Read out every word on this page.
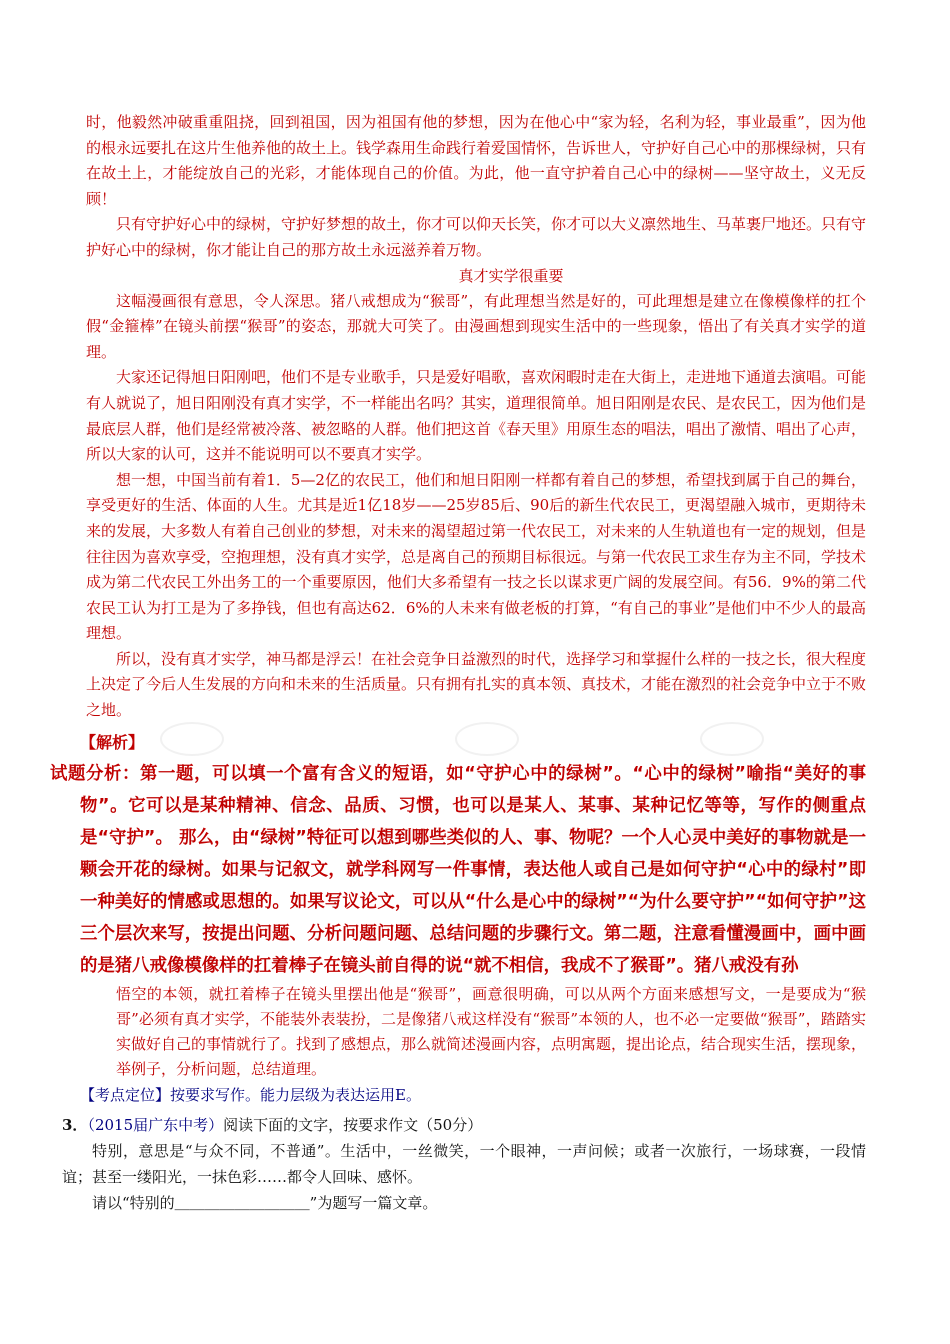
时，他毅然冲破重重阻挠，回到祖国，因为祖国有他的梦想，因为在他心中“家为轻，名利为轻，事业最重”，因为他的根永远要扎在这片生他养他的故土上。钱学森用生命践行着爱国情怀，告诉世人，守护好自己心中的那棵绿树，只有在故土上，才能绽放自己的光彩，才能体现自己的价值。为此，他一直守护着自己心中的绿树——坚守故土，义无反顾！

只有守护好心中的绿树，守护好梦想的故土，你才可以仰天长笑，你才可以大义凛然地生、马革裹尸地还。只有守护好心中的绿树，你才能让自己的那方故土永远滋养着万物。

真才实学很重要

这幅漫画很有意思，令人深思。猪八戒想成为“猴哥”，有此理想当然是好的，可此理想是建立在像模像样的扛个假“金箍棒”在镜头前摆“猴哥”的姿态，那就大可笑了。由漫画想到现实生活中的一些现象，悟出了有关真才实学的道理。

大家还记得旭日阳刚吧，他们不是专业歌手，只是爱好唱歌，喜欢闲暇时走在大街上，走进地下通道去演唱。可能有人就说了，旭日阳刚没有真才实学，不一样能出名吗？其实，道理很简单。旭日阳刚是农民、是农民工，因为他们是最底层人群，他们是经常被冷落、被忽略的人群。他们把这首《春天里》用原生态的唱法，唱出了激情、唱出了心声，所以大家的认可，这并不能说明可以不要真才实学。

想一想，中国当前有着1．5—2亿的农民工，他们和旭日阳刚一样都有着自己的梦想，希望找到属于自己的舞台，享受更好的生活、体面的人生。尤其是近1亿18岁——25岁85后、90后的新生代农民工，更渴望融入城市，更期待未来的发展，大多数人有着自己创业的梦想，对未来的渴望超过第一代农民工，对未来的人生轨道也有一定的规划，但是往往因为喜欢享受，空抱理想，没有真才实学，总是离自己的预期目标很远。与第一代农民工求生存为主不同，学技术成为第二代农民工外出务工的一个重要原因，他们大多希望有一技之长以谋求更广阔的发展空间。有56．9%的第二代农民工认为打工是为了多挣钱，但也有高达62．6%的人未来有做老板的打算，“有自己的事业”是他们中不少人的最高理想。

所以，没有真才实学，神马都是浮云！在社会竞争日益激烈的时代，选择学习和掌握什么样的一技之长，很大程度上决定了今后人生发展的方向和未来的生活质量。只有拥有扎实的真本领、真技术，才能在激烈的社会竞争中立于不败之地。

【解析】

试题分析：第一题，可以填一个富有含义的短语，如“守护心中的绿树”。“心中的绿树”喻指“美好的事物”。它可以是某种精神、信念、品质、习惯，也可以是某人、某事、某种记忆等等，写作的侧重点是“守护”。 那么，由“绿树”特征可以想到哪些类似的人、事、物呢？一个人心灵中美好的事物就是一颗会开花的绿树。如果与记叙文，就学科网写一件事情，表达他人或自己是如何守护“心中的绿村”即一种美好的情感或思想的。如果写议论文，可以从“什么是心中的绿树”“为什么要守护”“如何守护”这三个层次来写，按提出问题、分析问题问题、总结问题的步骤行文。第二题，注意看懂漫画中，画中画的是猪八戒像模像样的扛着棒子在镜头前自得的说“就不相信，我成不了猴哥”。猪八戒没有孙

悟空的本领，就扛着棒子在镜头里摆出他是“猴哥”，画意很明确，可以从两个方面来感想写文，一是要成为“猴哥”必须有真才实学，不能装外表装扮，二是像猪八戒这样没有“猴哥”本领的人，也不必一定要做“猴哥”，踏踏实实做好自己的事情就行了。找到了感想点，那么就简述漫画内容，点明寓题，提出论点，结合现实生活，摆现象，举例子，分析问题，总结道理。

【考点定位】按要求写作。能力层级为表达运用E。
3．（2015届广东中考）阅读下面的文字，按要求作文（50分）

特别，意思是“与众不同，不普通”。生活中，一丝微笑，一个眼神，一声问候；或者一次旅行，一场球赛，一段情谊；甚至一缕阳光，一抹色彩……都令人回味、感怀。

请以“特别的＿＿＿＿＿＿＿＿＿”为题写一篇文章。
